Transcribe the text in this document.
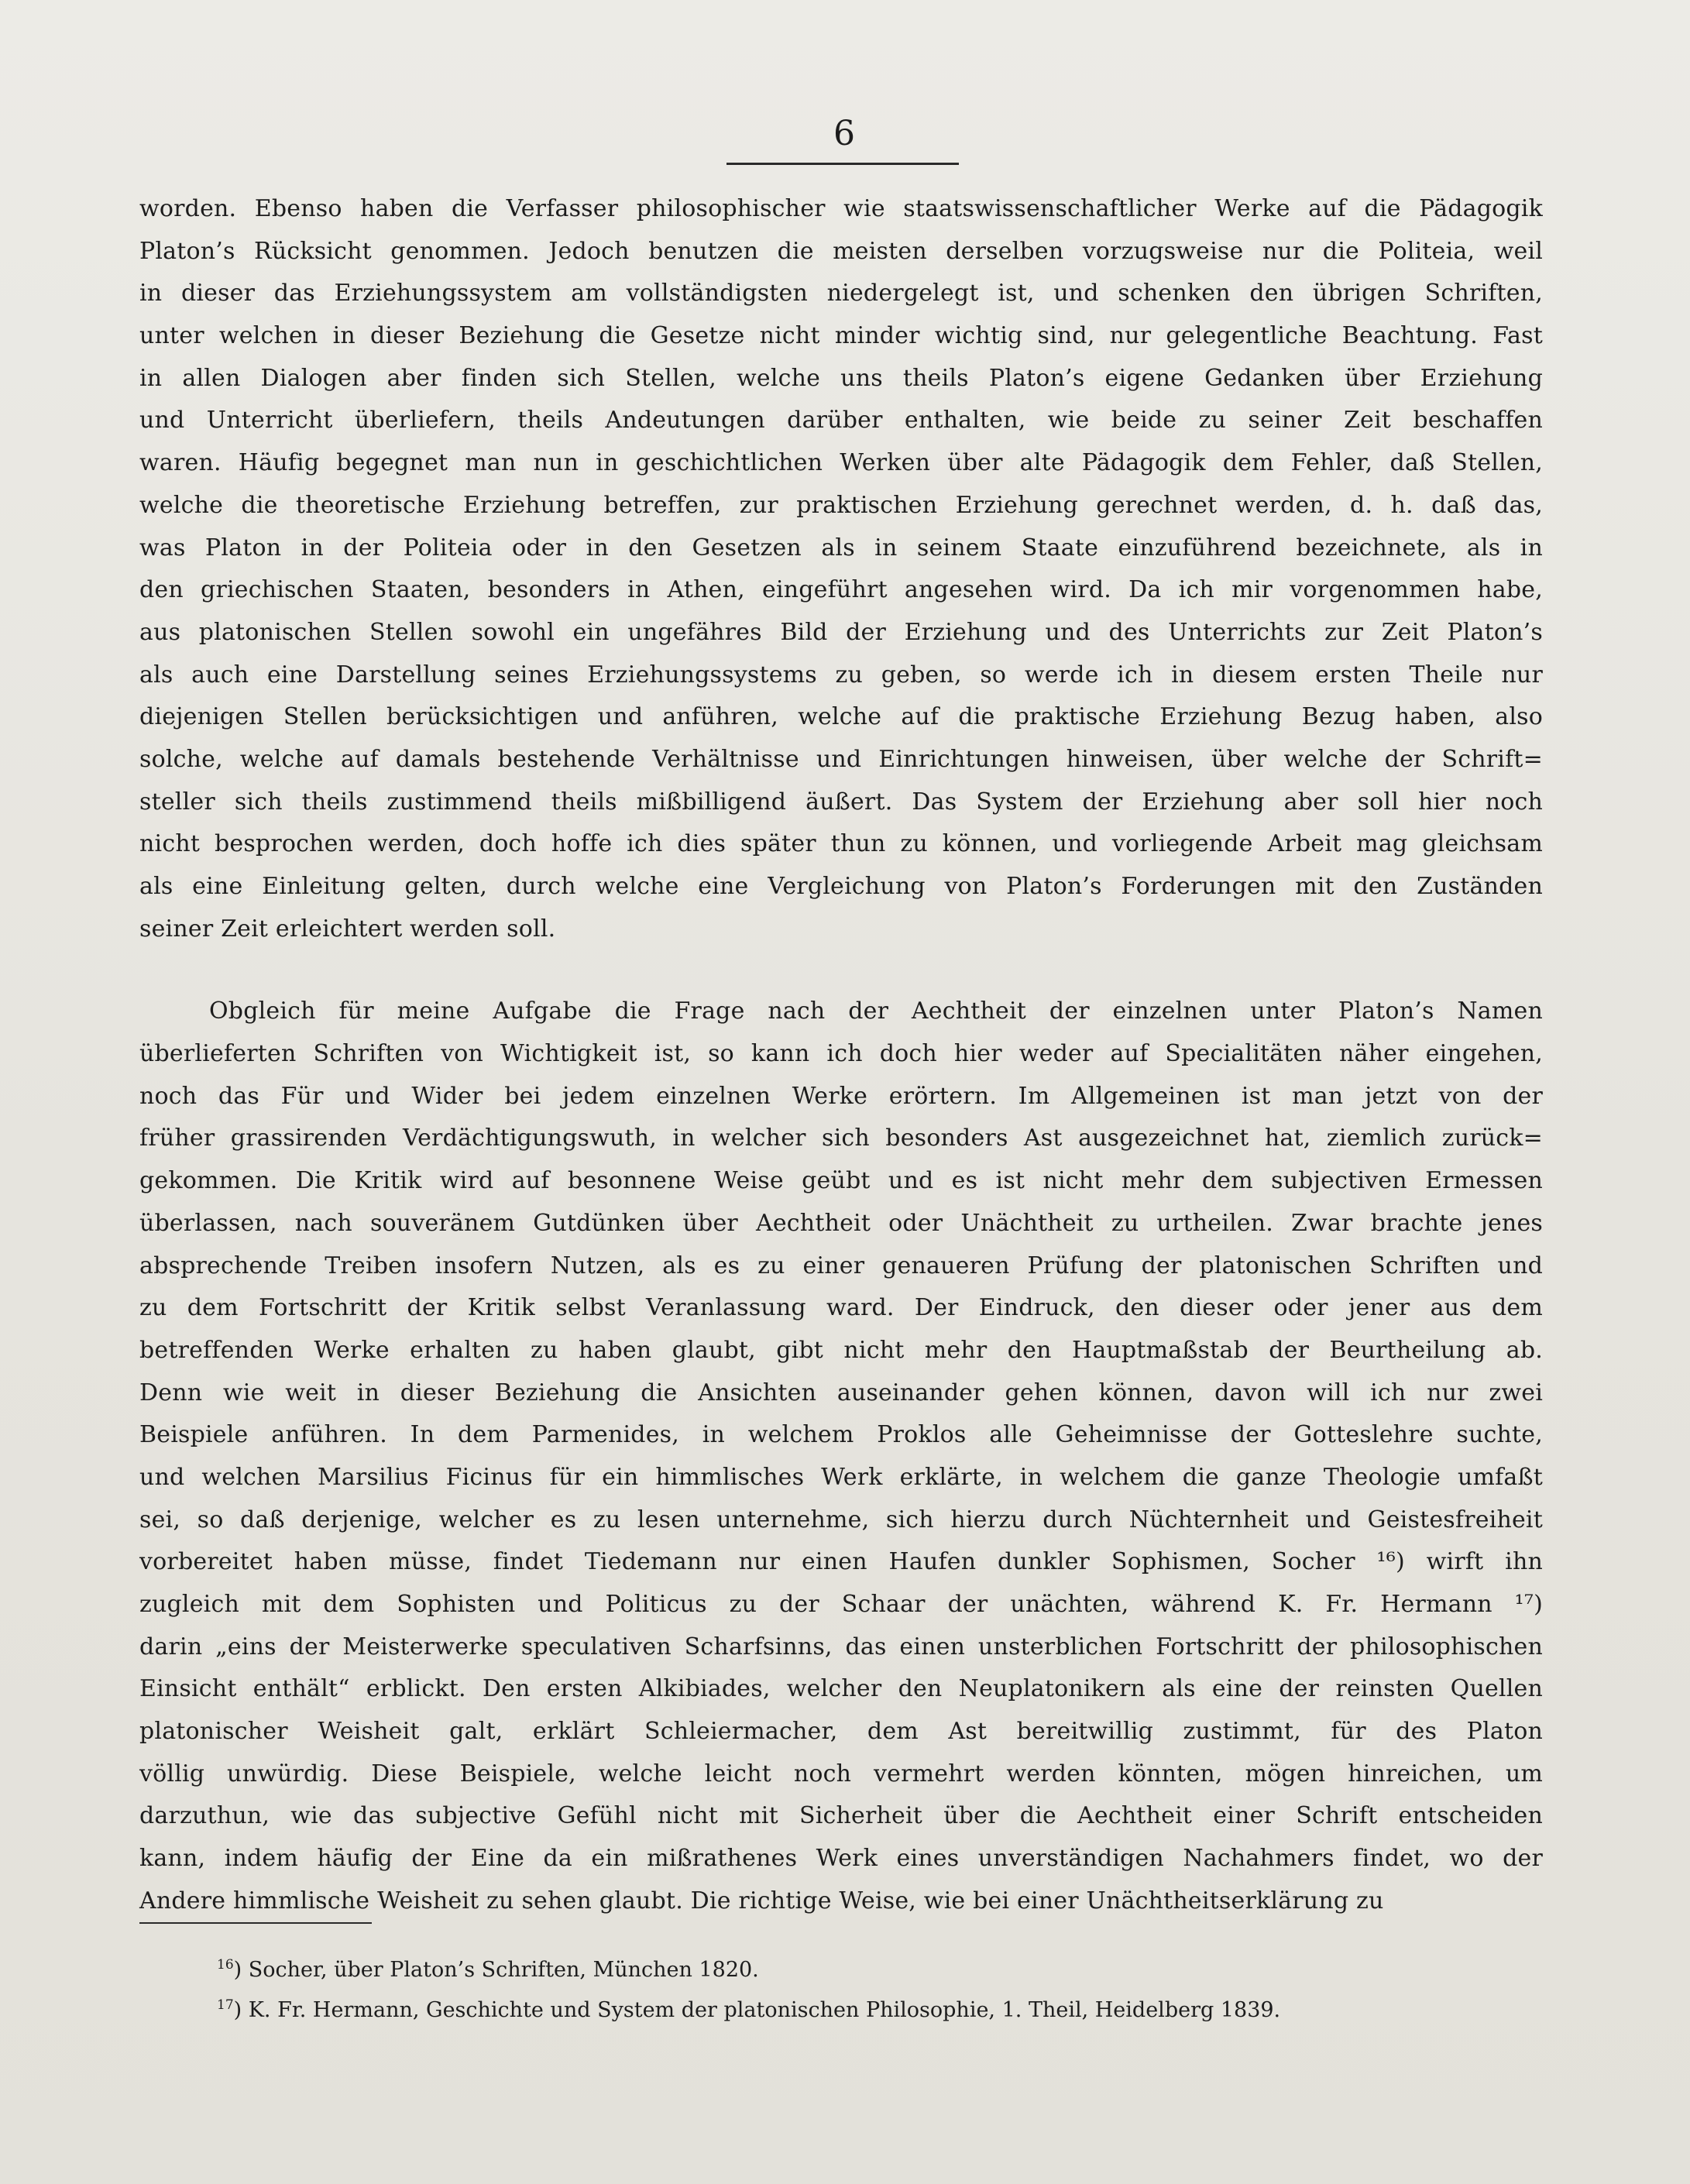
6
worden. Ebenso haben die Verfasser philosophischer wie staatswissenschaftlicher Werke auf die Pädagogik
Platon’s Rücksicht genommen. Jedoch benutzen die meisten derselben vorzugsweise nur die Politeia, weil
in dieser das Erziehungssystem am vollständigsten niedergelegt ist, und schenken den übrigen Schriften,
unter welchen in dieser Beziehung die Gesetze nicht minder wichtig sind, nur gelegentliche Beachtung. Fast
in allen Dialogen aber finden sich Stellen, welche uns theils Platon’s eigene Gedanken über Erziehung
und Unterricht überliefern, theils Andeutungen darüber enthalten, wie beide zu seiner Zeit beschaffen
waren. Häufig begegnet man nun in geschichtlichen Werken über alte Pädagogik dem Fehler, daß Stellen,
welche die theoretische Erziehung betreffen, zur praktischen Erziehung gerechnet werden, d. h. daß das,
was Platon in der Politeia oder in den Gesetzen als in seinem Staate einzuführend bezeichnete, als in
den griechischen Staaten, besonders in Athen, eingeführt angesehen wird. Da ich mir vorgenommen habe,
aus platonischen Stellen sowohl ein ungefähres Bild der Erziehung und des Unterrichts zur Zeit Platon’s
als auch eine Darstellung seines Erziehungssystems zu geben, so werde ich in diesem ersten Theile nur
diejenigen Stellen berücksichtigen und anführen, welche auf die praktische Erziehung Bezug haben, also
solche, welche auf damals bestehende Verhältnisse und Einrichtungen hinweisen, über welche der Schrift=
steller sich theils zustimmend theils mißbilligend äußert. Das System der Erziehung aber soll hier noch
nicht besprochen werden, doch hoffe ich dies später thun zu können, und vorliegende Arbeit mag gleichsam
als eine Einleitung gelten, durch welche eine Vergleichung von Platon’s Forderungen mit den Zuständen
seiner Zeit erleichtert werden soll.
Obgleich für meine Aufgabe die Frage nach der Aechtheit der einzelnen unter Platon’s Namen
überlieferten Schriften von Wichtigkeit ist, so kann ich doch hier weder auf Specialitäten näher eingehen,
noch das Für und Wider bei jedem einzelnen Werke erörtern. Im Allgemeinen ist man jetzt von der
früher grassirenden Verdächtigungswuth, in welcher sich besonders Ast ausgezeichnet hat, ziemlich zurück=
gekommen. Die Kritik wird auf besonnene Weise geübt und es ist nicht mehr dem subjectiven Ermessen
überlassen, nach souveränem Gutdünken über Aechtheit oder Unächtheit zu urtheilen. Zwar brachte jenes
absprechende Treiben insofern Nutzen, als es zu einer genaueren Prüfung der platonischen Schriften und
zu dem Fortschritt der Kritik selbst Veranlassung ward. Der Eindruck, den dieser oder jener aus dem
betreffenden Werke erhalten zu haben glaubt, gibt nicht mehr den Hauptmaßstab der Beurtheilung ab.
Denn wie weit in dieser Beziehung die Ansichten auseinander gehen können, davon will ich nur zwei
Beispiele anführen. In dem Parmenides, in welchem Proklos alle Geheimnisse der Gotteslehre suchte,
und welchen Marsilius Ficinus für ein himmlisches Werk erklärte, in welchem die ganze Theologie umfaßt
sei, so daß derjenige, welcher es zu lesen unternehme, sich hierzu durch Nüchternheit und Geistesfreiheit
vorbereitet haben müsse, findet Tiedemann nur einen Haufen dunkler Sophismen, Socher ¹⁶) wirft ihn
zugleich mit dem Sophisten und Politicus zu der Schaar der unächten, während K. Fr. Hermann ¹⁷)
darin „eins der Meisterwerke speculativen Scharfsinns, das einen unsterblichen Fortschritt der philosophischen
Einsicht enthält“ erblickt. Den ersten Alkibiades, welcher den Neuplatonikern als eine der reinsten Quellen
platonischer Weisheit galt, erklärt Schleiermacher, dem Ast bereitwillig zustimmt, für des Platon
völlig unwürdig. Diese Beispiele, welche leicht noch vermehrt werden könnten, mögen hinreichen, um
darzuthun, wie das subjective Gefühl nicht mit Sicherheit über die Aechtheit einer Schrift entscheiden
kann, indem häufig der Eine da ein mißrathenes Werk eines unverständigen Nachahmers findet, wo der
Andere himmlische Weisheit zu sehen glaubt. Die richtige Weise, wie bei einer Unächtheitserklärung zu
$^{16}$) Socher, über Platon’s Schriften, München 1820.
$^{17}$) K. Fr. Hermann, Geschichte und System der platonischen Philosophie, 1. Theil, Heidelberg 1839.
